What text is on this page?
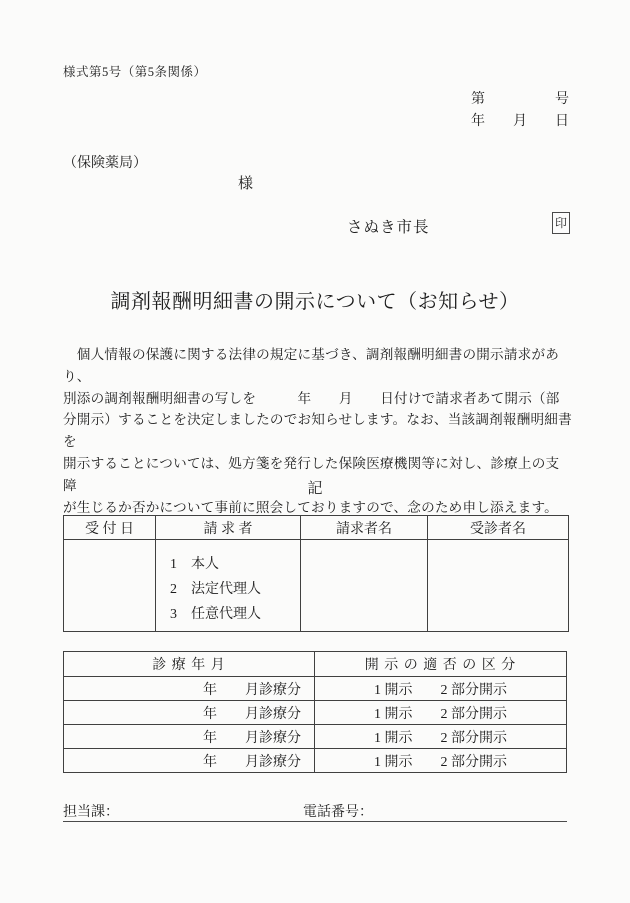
様式第5号（第5条関係）
第　　　　　号
年　　月　　日
（保険薬局）
様
さぬき市長	印
調剤報酬明細書の開示について（お知らせ）
　個人情報の保護に関する法律の規定に基づき、調剤報酬明細書の開示請求があり、
別添の調剤報酬明細書の写しを　　　年　　月　　日付けで請求者あて開示（部
分開示）することを決定しましたのでお知らせします。なお、当該調剤報酬明細書を
開示することについては、処方箋を発行した保険医療機関等に対し、診療上の支障
が生じるか否かについて事前に照会しておりますので、念のため申し添えます。
記
受 付 日	請 求 者	請求者名	受診者名

	1　本人
2　法定代理人
3　任意代理人		

診 療 年 月	開 示 の 適 否 の 区 分
年　　月診療分	1 開示　　2 部分開示
年　　月診療分	1 開示　　2 部分開示
年　　月診療分	1 開示　　2 部分開示
年　　月診療分	1 開示　　2 部分開示
担当課：	電話番号：
